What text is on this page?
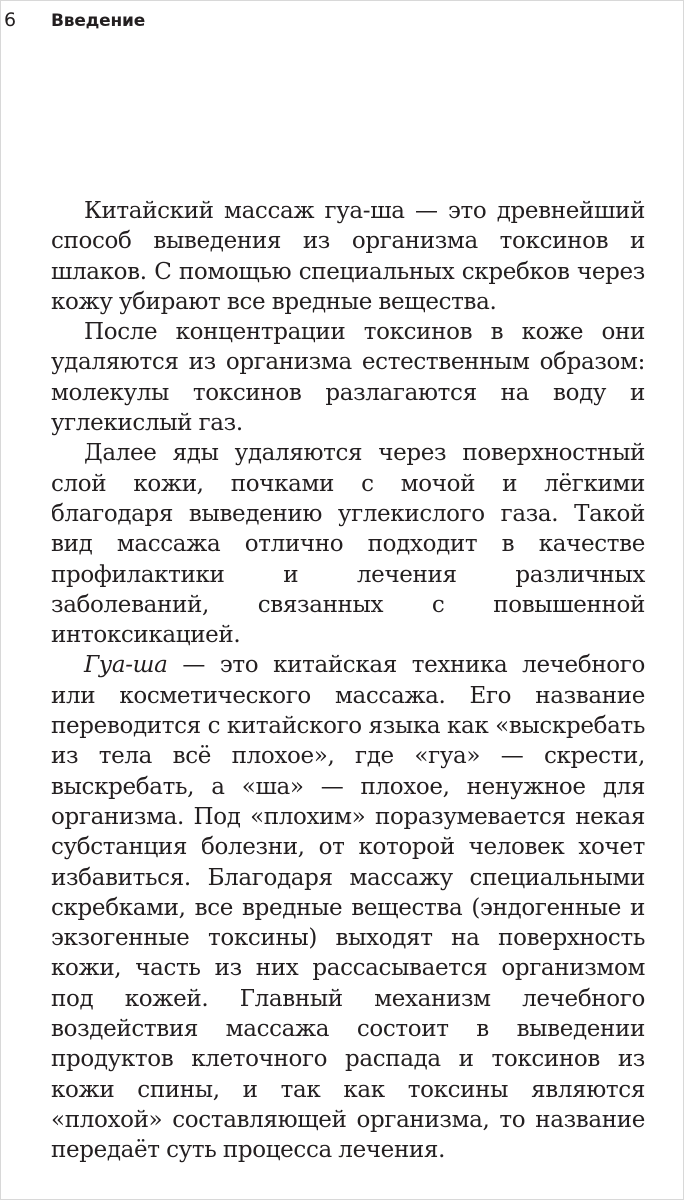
6 Введение

Китайский массаж гуа-ша — это древнейший способ выведения из организма токсинов и шлаков. С помощью специальных скребков через кожу убирают все вредные вещества.

После концентрации токсинов в коже они удаляются из организма естественным образом: молекулы токсинов разлагаются на воду и углекислый газ.

Далее яды удаляются через поверхностный слой кожи, почками с мочой и лёгкими благодаря выведению углекислого газа. Такой вид массажа отлично подходит в качестве профилактики и лечения различных заболеваний, связанных с повышенной интоксикацией.

Гуа-ша — это китайская техника лечебного или косметического массажа. Его название переводится с китайского языка как «выскребать из тела всё плохое», где «гуа» — скрести, выскребать, а «ша» — плохое, ненужное для организма. Под «плохим» поразумевается некая субстанция болезни, от которой человек хочет избавиться. Благодаря массажу специальными скребками, все вредные вещества (эндогенные и экзогенные токсины) выходят на поверхность кожи, часть из них рассасывается организмом под кожей. Главный механизм лечебного воздействия массажа состоит в выведении продуктов клеточного распада и токсинов из кожи спины, и так как токсины являются «плохой» составляющей организма, то название передаёт суть процесса лечения.
